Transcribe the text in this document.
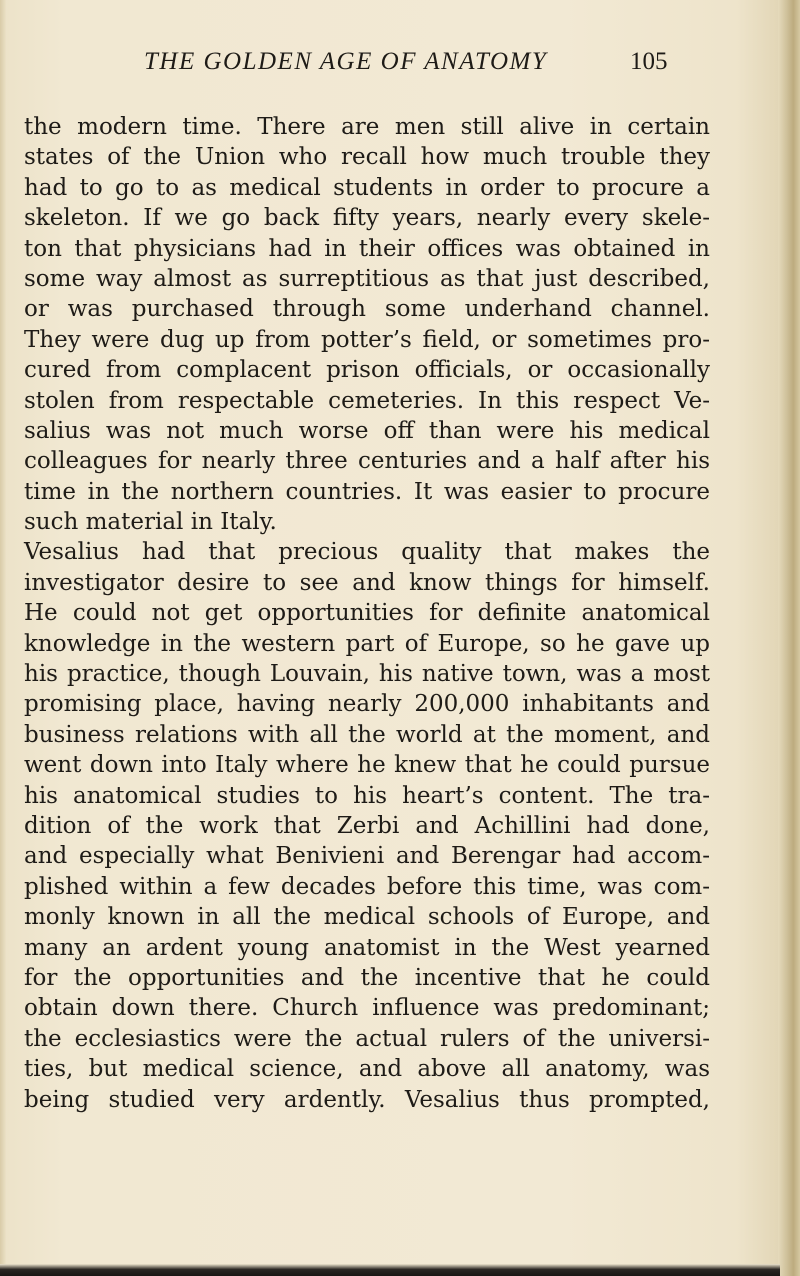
THE GOLDEN AGE OF ANATOMY	105
the modern time. There are men still alive in certain
states of the Union who recall how much trouble they
had to go to as medical students in order to procure a
skeleton. If we go back fifty years, nearly every skele-
ton that physicians had in their offices was obtained in
some way almost as surreptitious as that just described,
or was purchased through some underhand channel.
They were dug up from potter’s field, or sometimes pro-
cured from complacent prison officials, or occasionally
stolen from respectable cemeteries. In this respect Ve-
salius was not much worse off than were his medical
colleagues for nearly three centuries and a half after his
time in the northern countries. It was easier to procure
such material in Italy.
Vesalius had that precious quality that makes the
investigator desire to see and know things for himself.
He could not get opportunities for definite anatomical
knowledge in the western part of Europe, so he gave up
his practice, though Louvain, his native town, was a most
promising place, having nearly 200,000 inhabitants and
business relations with all the world at the moment, and
went down into Italy where he knew that he could pursue
his anatomical studies to his heart’s content. The tra-
dition of the work that Zerbi and Achillini had done,
and especially what Benivieni and Berengar had accom-
plished within a few decades before this time, was com-
monly known in all the medical schools of Europe, and
many an ardent young anatomist in the West yearned
for the opportunities and the incentive that he could
obtain down there. Church influence was predominant;
the ecclesiastics were the actual rulers of the universi-
ties, but medical science, and above all anatomy, was
being studied very ardently. Vesalius thus prompted,
